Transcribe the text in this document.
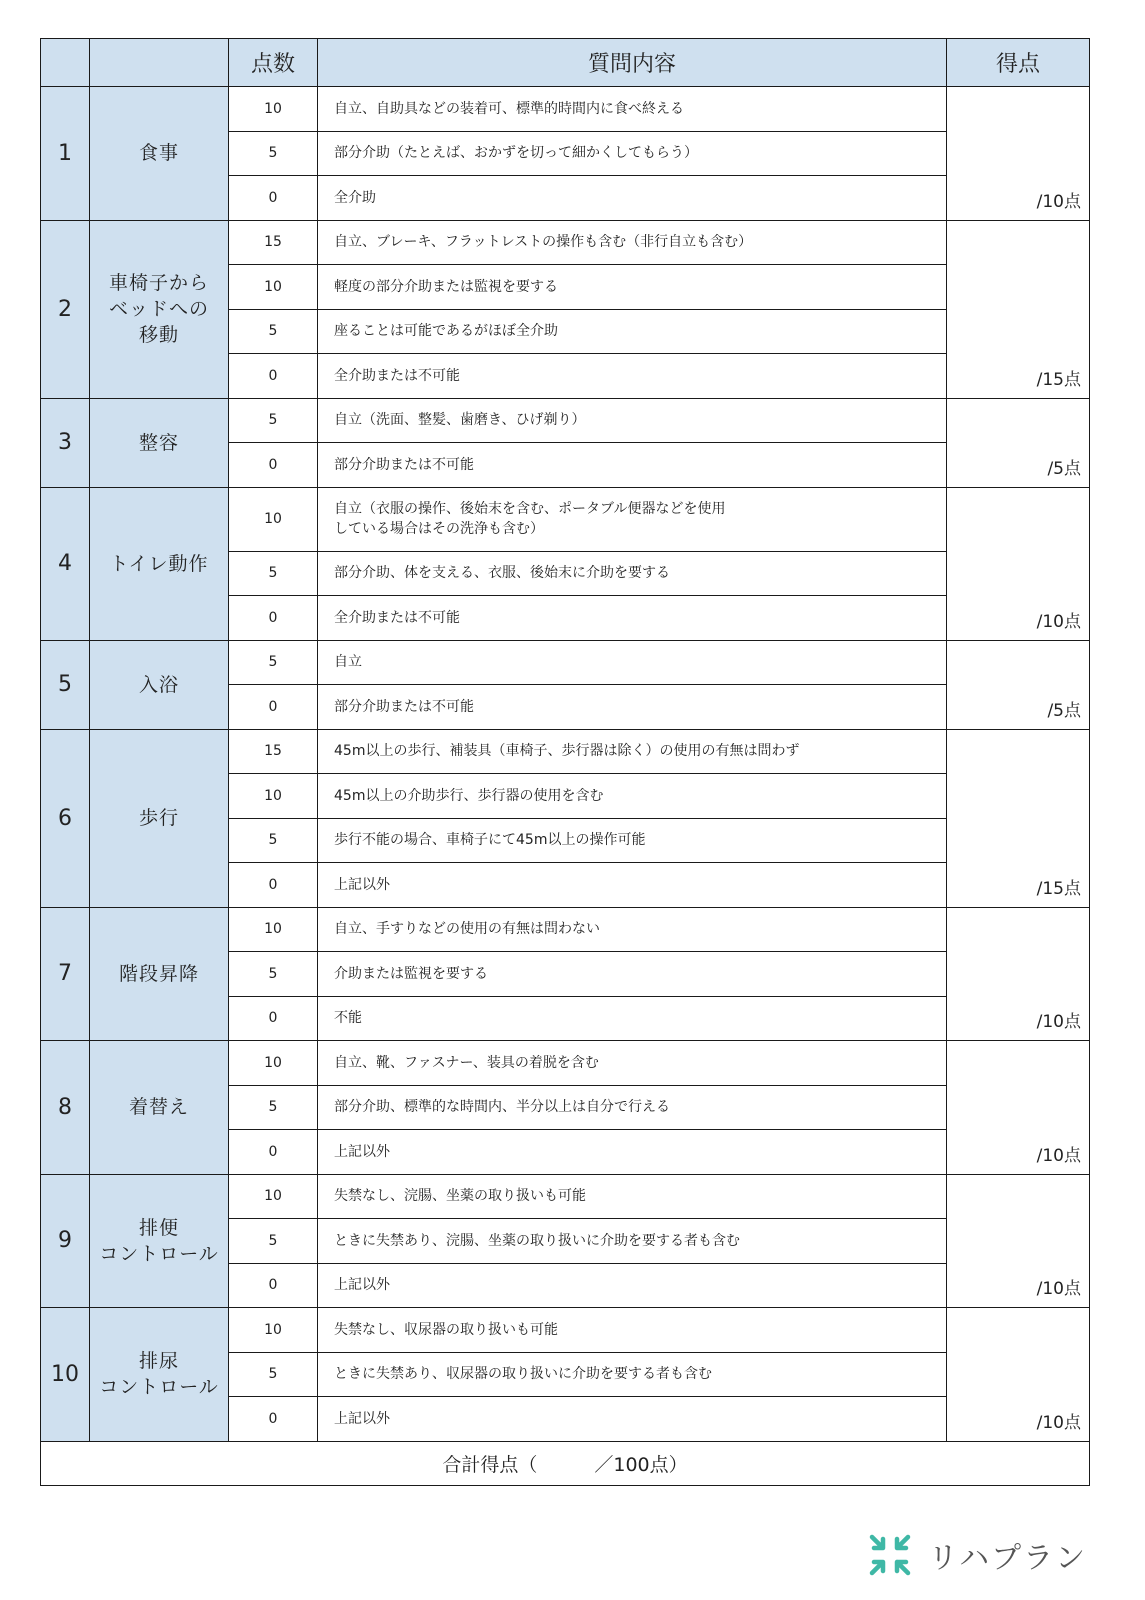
		点数	質問内容	得点
1	食事	10	自立、自助具などの装着可、標準的時間内に食べ終える	/10点
		5	部分介助（たとえば、おかずを切って細かくしてもらう）	
		0	全介助	
2	車椅子から
ベッドへの
移動	15	自立、ブレーキ、フラットレストの操作も含む（非行自立も含む）	/15点
		10	軽度の部分介助または監視を要する	
		5	座ることは可能であるがほぼ全介助	
		0	全介助または不可能	
3	整容	5	自立（洗面、整髪、歯磨き、ひげ剃り）	/5点
		0	部分介助または不可能	
4	トイレ動作	10	自立（衣服の操作、後始末を含む、ポータブル便器などを使用
している場合はその洗浄も含む）	/10点
		5	部分介助、体を支える、衣服、後始末に介助を要する	
		0	全介助または不可能	
5	入浴	5	自立	/5点
		0	部分介助または不可能	
6	歩行	15	45m以上の歩行、補装具（車椅子、歩行器は除く）の使用の有無は問わず	/15点
		10	45m以上の介助歩行、歩行器の使用を含む	
		5	歩行不能の場合、車椅子にて45m以上の操作可能	
		0	上記以外	
7	階段昇降	10	自立、手すりなどの使用の有無は問わない	/10点
		5	介助または監視を要する	
		0	不能	
8	着替え	10	自立、靴、ファスナー、装具の着脱を含む	/10点
		5	部分介助、標準的な時間内、半分以上は自分で行える	
		0	上記以外	
9	排便
コントロール	10	失禁なし、浣腸、坐薬の取り扱いも可能	/10点
		5	ときに失禁あり、浣腸、坐薬の取り扱いに介助を要する者も含む	
		0	上記以外	
10	排尿
コントロール	10	失禁なし、収尿器の取り扱いも可能	/10点
		5	ときに失禁あり、収尿器の取り扱いに介助を要する者も含む	
		0	上記以外	
合計得点（　　　／100点）				
リハプラン
